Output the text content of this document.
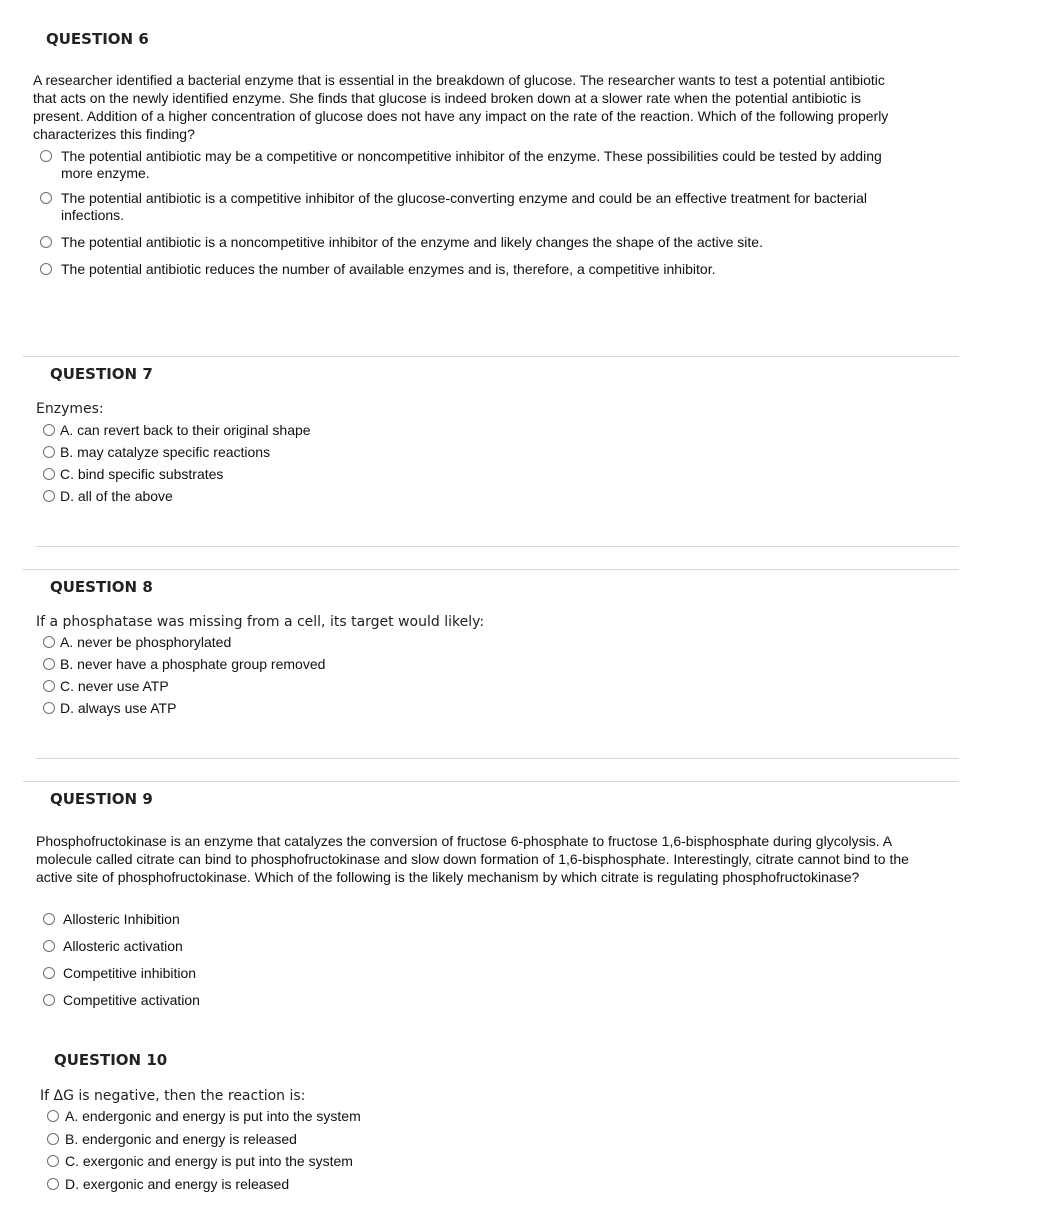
QUESTION 6

A researcher identified a bacterial enzyme that is essential in the breakdown of glucose. The researcher wants to test a potential antibiotic that acts on the newly identified enzyme. She finds that glucose is indeed broken down at a slower rate when the potential antibiotic is present. Addition of a higher concentration of glucose does not have any impact on the rate of the reaction. Which of the following properly characterizes this finding?

The potential antibiotic may be a competitive or noncompetitive inhibitor of the enzyme. These possibilities could be tested by adding more enzyme.
The potential antibiotic is a competitive inhibitor of the glucose-converting enzyme and could be an effective treatment for bacterial infections.
The potential antibiotic is a noncompetitive inhibitor of the enzyme and likely changes the shape of the active site.
The potential antibiotic reduces the number of available enzymes and is, therefore, a competitive inhibitor.
QUESTION 7

Enzymes:

A. can revert back to their original shape
B. may catalyze specific reactions
C. bind specific substrates
D. all of the above
QUESTION 8

If a phosphatase was missing from a cell, its target would likely:

A. never be phosphorylated
B. never have a phosphate group removed
C. never use ATP
D. always use ATP
QUESTION 9

Phosphofructokinase is an enzyme that catalyzes the conversion of fructose 6-phosphate to fructose 1,6-bisphosphate during glycolysis. A molecule called citrate can bind to phosphofructokinase and slow down formation of 1,6-bisphosphate. Interestingly, citrate cannot bind to the active site of phosphofructokinase. Which of the following is the likely mechanism by which citrate is regulating phosphofructokinase?

Allosteric Inhibition
Allosteric activation
Competitive inhibition
Competitive activation
QUESTION 10

If ΔG is negative, then the reaction is:

A. endergonic and energy is put into the system
B. endergonic and energy is released
C. exergonic and energy is put into the system
D. exergonic and energy is released
